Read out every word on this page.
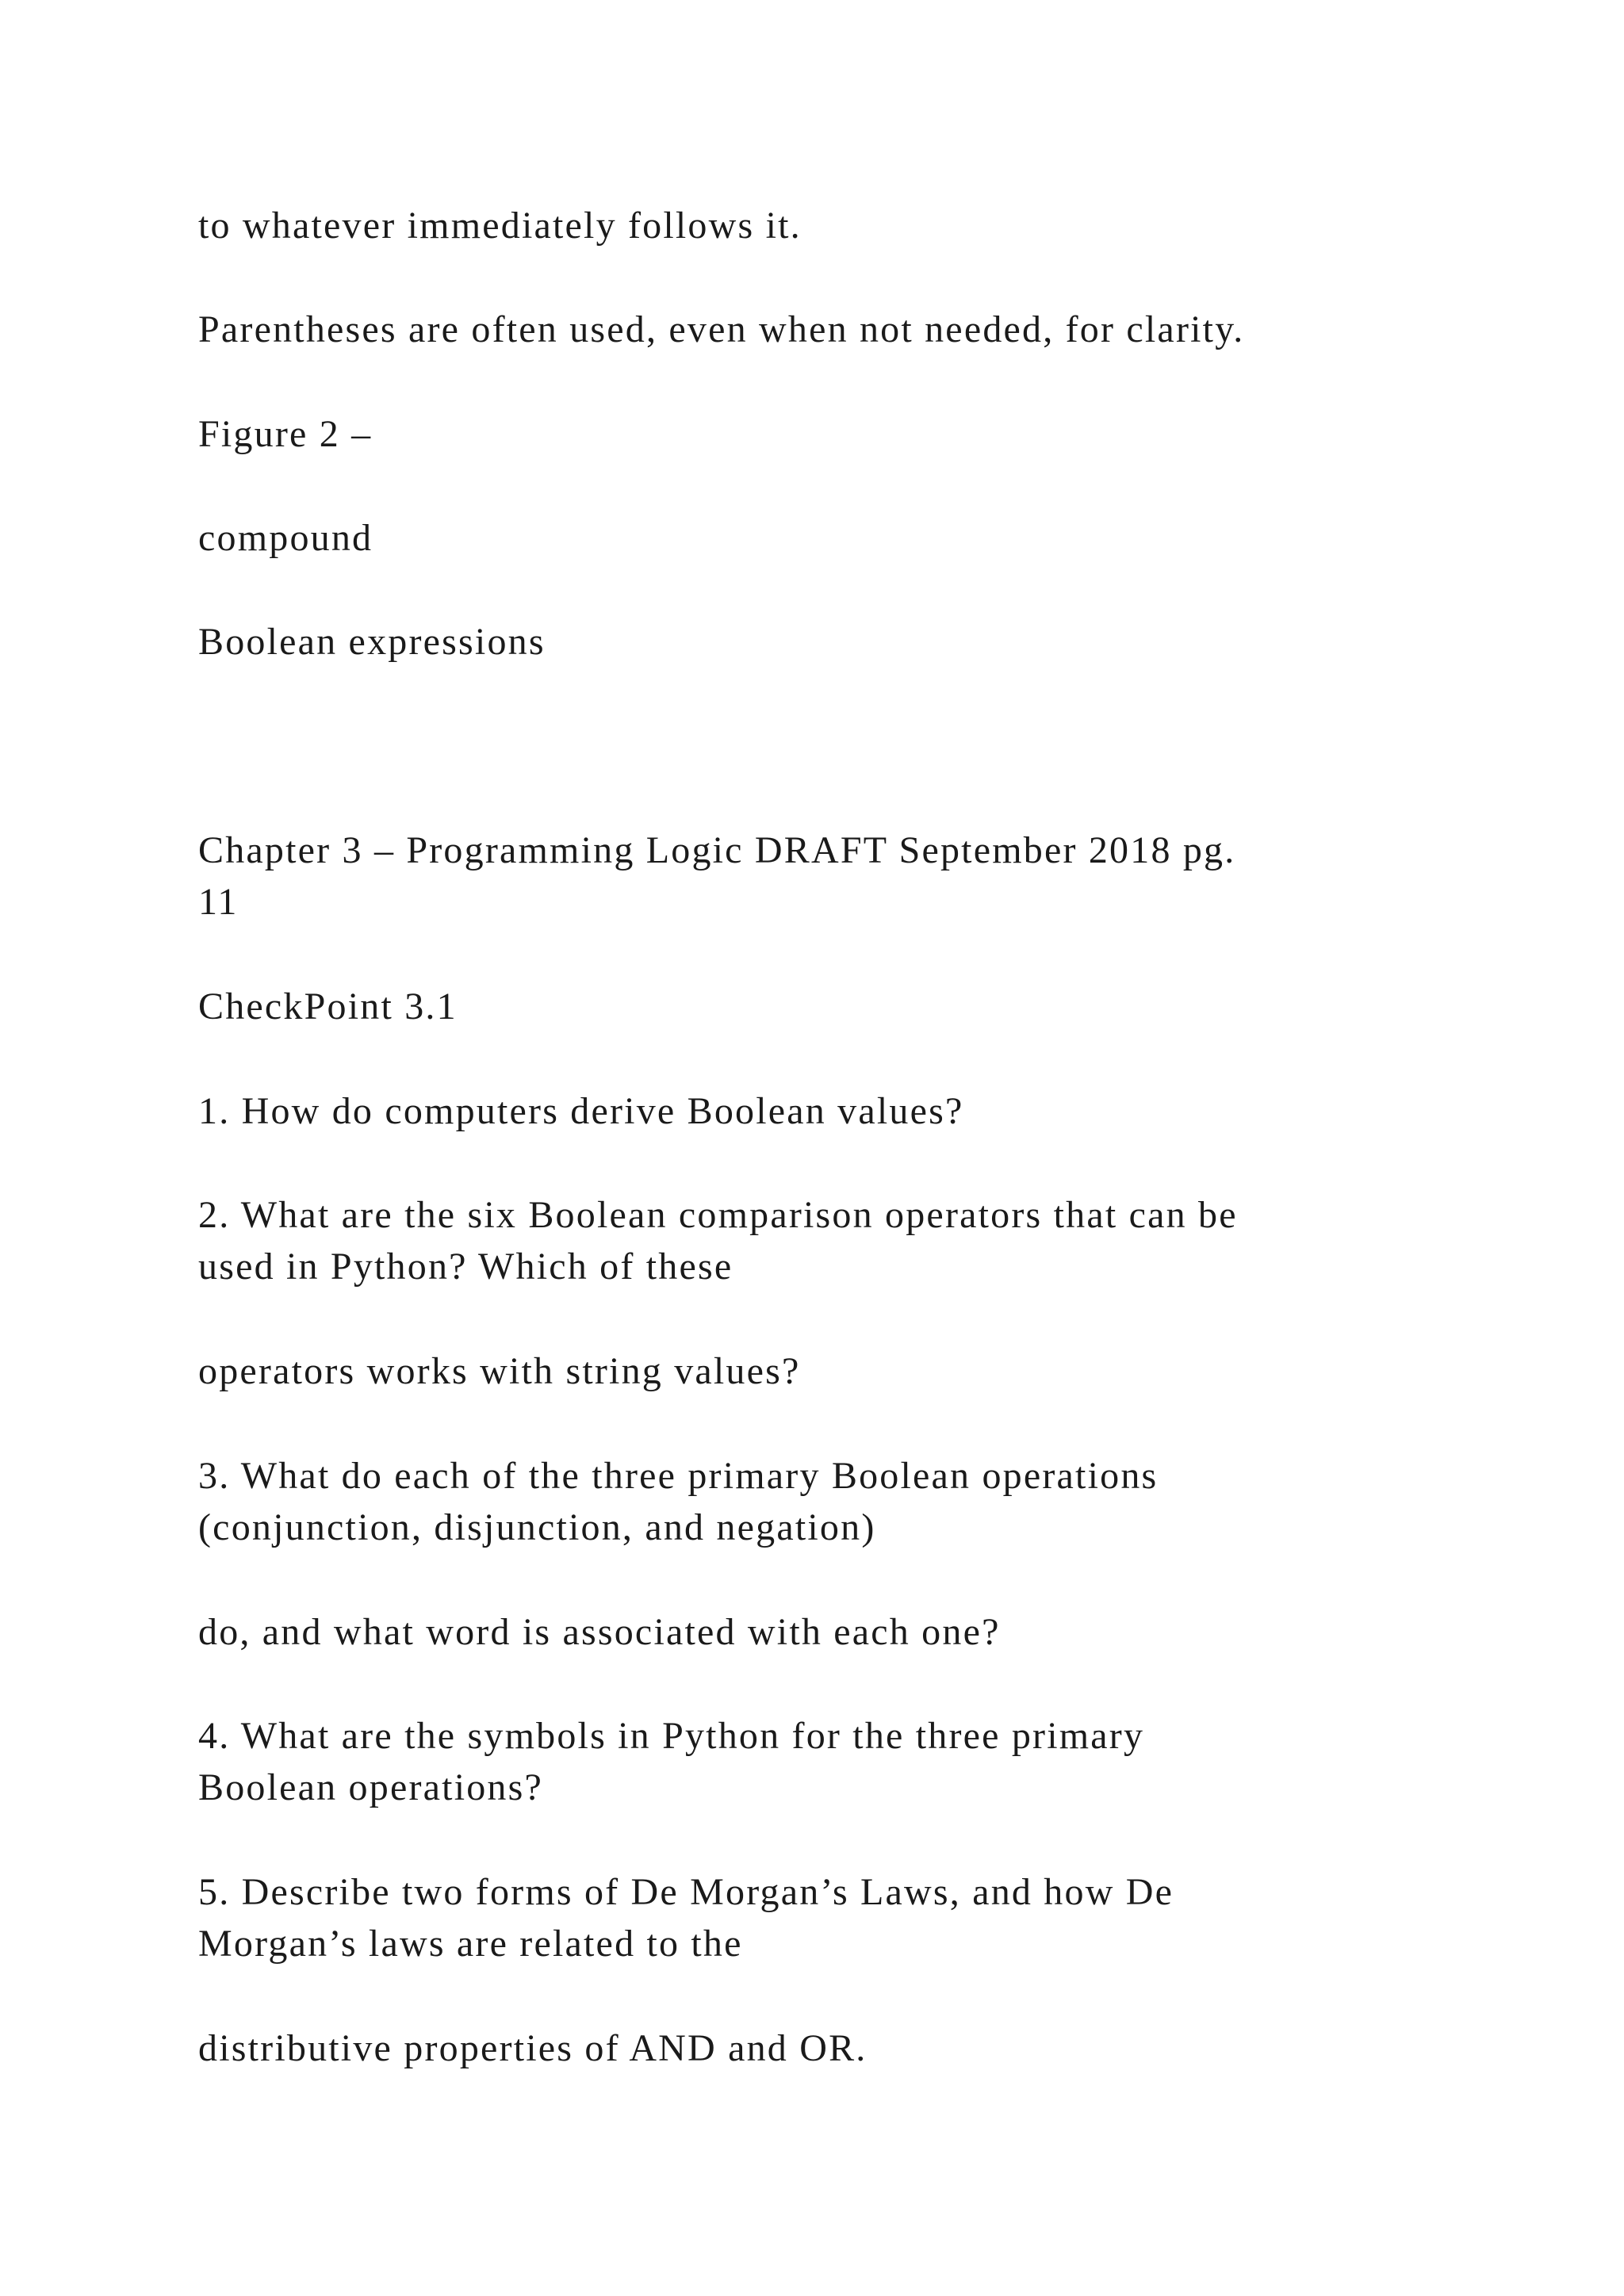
to whatever immediately follows it.

Parentheses are often used, even when not needed, for clarity.

Figure 2 –

compound

Boolean expressions

Chapter 3 – Programming Logic DRAFT September 2018 pg.
11

CheckPoint 3.1

1. How do computers derive Boolean values?

2. What are the six Boolean comparison operators that can be
used in Python? Which of these

operators works with string values?

3. What do each of the three primary Boolean operations
(conjunction, disjunction, and negation)

do, and what word is associated with each one?

4. What are the symbols in Python for the three primary
Boolean operations?

5. Describe two forms of De Morgan’s Laws, and how De
Morgan’s laws are related to the

distributive properties of AND and OR.
